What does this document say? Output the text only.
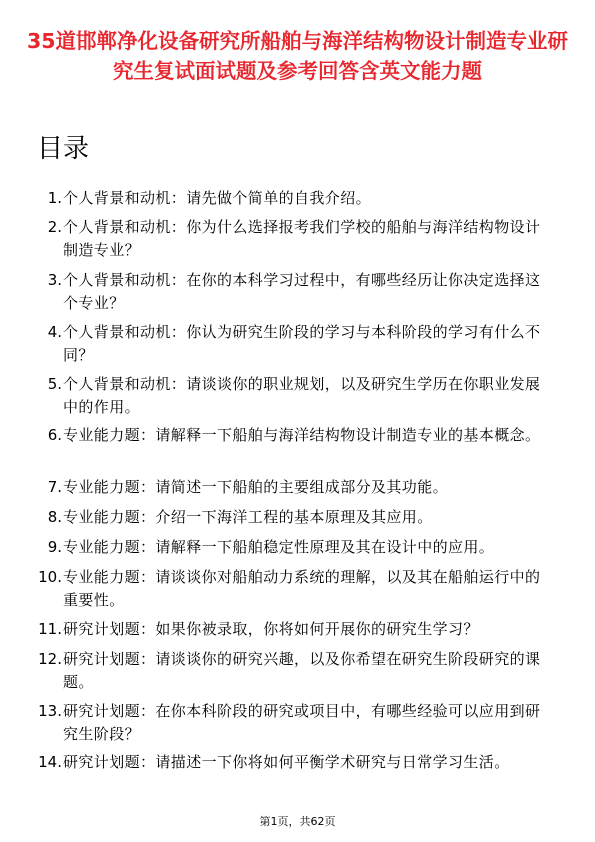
35道邯郸净化设备研究所船舶与海洋结构物设计制造专业研究生复试面试题及参考回答含英文能力题
目录
1. 个人背景和动机：请先做个简单的自我介绍。
2. 个人背景和动机：你为什么选择报考我们学校的船舶与海洋结构物设计制造专业？
3. 个人背景和动机：在你的本科学习过程中，有哪些经历让你决定选择这个专业？
4. 个人背景和动机：你认为研究生阶段的学习与本科阶段的学习有什么不同？
5. 个人背景和动机：请谈谈你的职业规划，以及研究生学历在你职业发展中的作用。
6. 专业能力题：请解释一下船舶与海洋结构物设计制造专业的基本概念。
7. 专业能力题：请简述一下船舶的主要组成部分及其功能。
8. 专业能力题：介绍一下海洋工程的基本原理及其应用。
9. 专业能力题：请解释一下船舶稳定性原理及其在设计中的应用。
10. 专业能力题：请谈谈你对船舶动力系统的理解，以及其在船舶运行中的重要性。
11. 研究计划题：如果你被录取，你将如何开展你的研究生学习？
12. 研究计划题：请谈谈你的研究兴趣，以及你希望在研究生阶段研究的课题。
13. 研究计划题：在你本科阶段的研究或项目中，有哪些经验可以应用到研究生阶段？
14. 研究计划题：请描述一下你将如何平衡学术研究与日常学习生活。
第1页，共62页
